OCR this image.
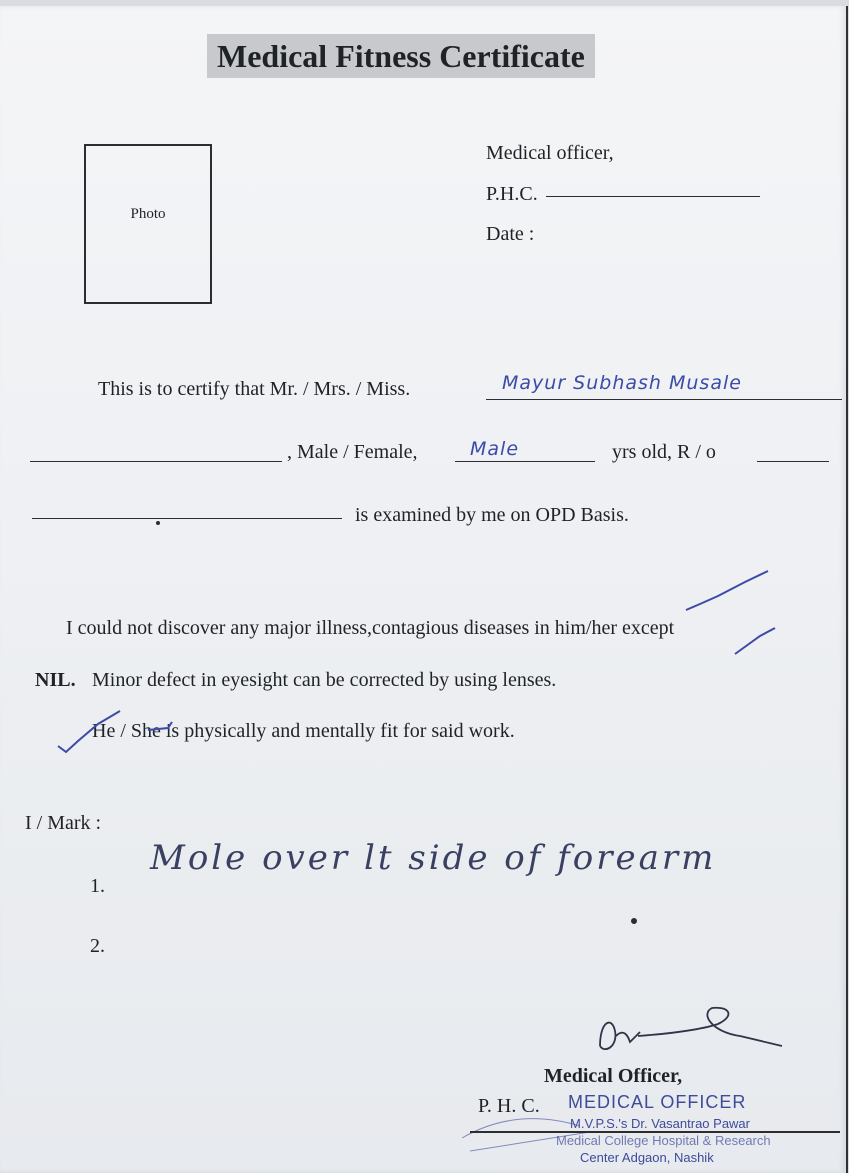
Medical Fitness Certificate
Photo
Medical officer,
P.H.C.
Date :
This is to certify that Mr. / Mrs. / Miss.	Mayur Subhash Musale
, Male / Female,	Male	yrs old, R / o
is examined by me on OPD Basis.
I could not discover any major illness,contagious diseases in him/her except
NIL. Minor defect in eyesight can be corrected by using lenses.
He / She is physically and mentally fit for said work.
I / Mark :
1.
Mole over lt side of forearm
2.
Medical Officer,
P. H. C. MEDICAL OFFICER
M.V.P.S.'s Dr. Vasantrao Pawar
Medical College Hospital & Research
Center Adgaon, Nashik
